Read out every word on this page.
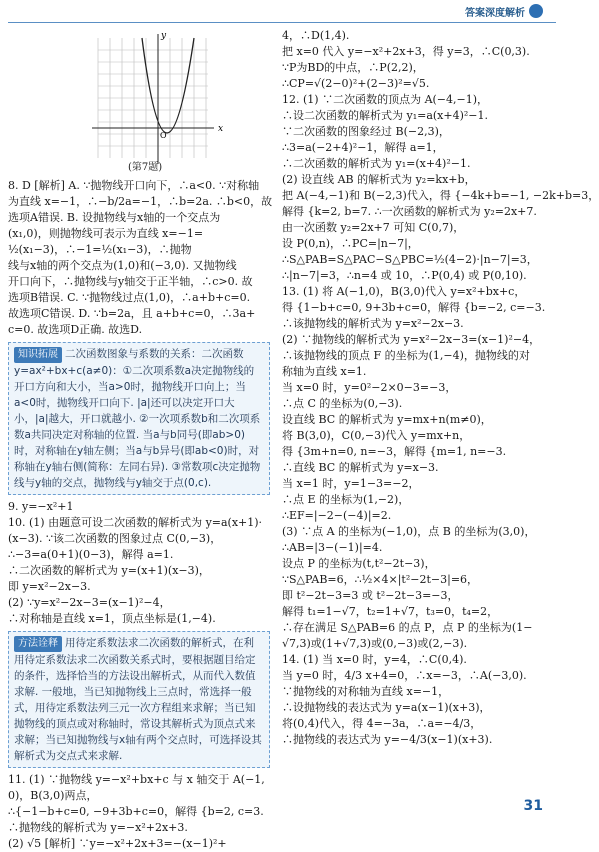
答案深度解析
x
y
O
(第7题)
8. D [解析] A. ∵抛物线开口向下，∴a<0. ∵对称轴
为直线 x=−1，∴−b/2a=−1，∴b=2a. ∴b<0，故
选项A错误. B. 设抛物线与x轴的一个交点为
(x₁,0)，则抛物线可表示为直线 x=−1=
½(x₁−3)，∴−1=½(x₁−3)，∴抛物
线与x轴的两个交点为(1,0)和(−3,0). 又抛物线
开口向下，∴抛物线与y轴交于正半轴，∴c>0. 故
选项B错误. C. ∵抛物线过点(1,0)，∴a+b+c=0.
故选项C错误. D. ∵b=2a，且 a+b+c=0，∴3a+
c=0. 故选项D正确. 故选D.
知识拓展 二次函数图象与系数的关系：二次函数 y=ax²+bx+c(a≠0)：①二次项系数a决定抛物线的开口方向和大小，当a>0时，抛物线开口向上；当a<0时，抛物线开口向下. |a|还可以决定开口大小，|a|越大，开口就越小. ②一次项系数b和二次项系数a共同决定对称轴的位置. 当a与b同号(即ab>0)时，对称轴在y轴左侧；当a与b异号(即ab<0)时，对称轴在y轴右侧(简称：左同右异). ③常数项c决定抛物线与y轴的交点，抛物线与y轴交于点(0,c).
9. y=−x²+1
10. (1) 由题意可设二次函数的解析式为 y=a(x+1)·
(x−3). ∵该二次函数的图象过点 C(0,−3)，
∴−3=a(0+1)(0−3)，解得 a=1.
∴二次函数的解析式为 y=(x+1)(x−3)，
即 y=x²−2x−3.
(2) ∵y=x²−2x−3=(x−1)²−4，
∴对称轴是直线 x=1，顶点坐标是(1,−4).
方法诠释 用待定系数法求二次函数的解析式，在利用待定系数法求二次函数关系式时，要根据题目给定的条件，选择恰当的方法设出解析式，从而代入数值求解. 一般地，当已知抛物线上三点时，常选择一般式，用待定系数法列三元一次方程组来求解；当已知抛物线的顶点或对称轴时，常设其解析式为顶点式来求解；当已知抛物线与x轴有两个交点时，可选择设其解析式为交点式来求解.
11. (1) ∵抛物线 y=−x²+bx+c 与 x 轴交于 A(−1,
0)，B(3,0)两点，
∴{−1−b+c=0, −9+3b+c=0，解得 {b=2, c=3.
∴抛物线的解析式为 y=−x²+2x+3.
(2) √5 [解析] ∵y=−x²+2x+3=−(x−1)²+
4，∴D(1,4).
把 x=0 代入 y=−x²+2x+3，得 y=3，∴C(0,3).
∵P为BD的中点，∴P(2,2)，
∴CP=√(2−0)²+(2−3)²=√5.
12. (1) ∵二次函数的顶点为 A(−4,−1)，
∴设二次函数的解析式为 y₁=a(x+4)²−1.
∵二次函数的图象经过 B(−2,3)，
∴3=a(−2+4)²−1，解得 a=1，
∴二次函数的解析式为 y₁=(x+4)²−1.
(2) 设直线 AB 的解析式为 y₂=kx+b，
把 A(−4,−1)和 B(−2,3)代入，得 {−4k+b=−1, −2k+b=3，
解得 {k=2, b=7. ∴一次函数的解析式为 y₂=2x+7.
由一次函数 y₂=2x+7 可知 C(0,7)，
设 P(0,n)，∴PC=|n−7|，
∴S△PAB=S△PAC−S△PBC=½(4−2)·|n−7|=3，
∴|n−7|=3，∴n=4 或 10，∴P(0,4) 或 P(0,10).
13. (1) 将 A(−1,0)，B(3,0)代入 y=x²+bx+c，
得 {1−b+c=0, 9+3b+c=0，解得 {b=−2, c=−3.
∴该抛物线的解析式为 y=x²−2x−3.
(2) ∵抛物线的解析式为 y=x²−2x−3=(x−1)²−4，
∴该抛物线的顶点 F 的坐标为(1,−4)，抛物线的对
称轴为直线 x=1.
当 x=0 时，y=0²−2×0−3=−3，
∴点 C 的坐标为(0,−3).
设直线 BC 的解析式为 y=mx+n(m≠0)，
将 B(3,0)，C(0,−3)代入 y=mx+n，
得 {3m+n=0, n=−3，解得 {m=1, n=−3.
∴直线 BC 的解析式为 y=x−3.
当 x=1 时，y=1−3=−2，
∴点 E 的坐标为(1,−2)，
∴EF=|−2−(−4)|=2.
(3) ∵点 A 的坐标为(−1,0)，点 B 的坐标为(3,0)，
∴AB=|3−(−1)|=4.
设点 P 的坐标为(t,t²−2t−3)，
∵S△PAB=6，∴½×4×|t²−2t−3|=6，
即 t²−2t−3=3 或 t²−2t−3=−3，
解得 t₁=1−√7，t₂=1+√7，t₃=0，t₄=2，
∴存在满足 S△PAB=6 的点 P，点 P 的坐标为(1−
√7,3)或(1+√7,3)或(0,−3)或(2,−3).
14. (1) 当 x=0 时，y=4，∴C(0,4).
当 y=0 时，4/3 x+4=0，∴x=−3，∴A(−3,0).
∵抛物线的对称轴为直线 x=−1，
∴设抛物线的表达式为 y=a(x−1)(x+3)，
将(0,4)代入，得 4=−3a，∴a=−4/3，
∴抛物线的表达式为 y=−4/3(x−1)(x+3).
31
